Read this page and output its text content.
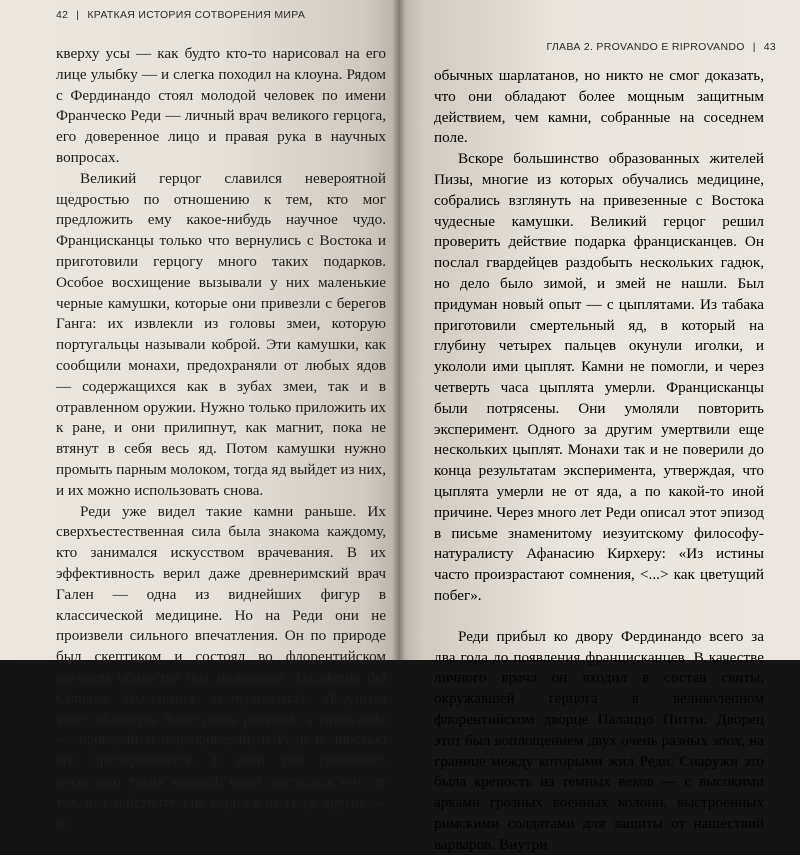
42 | КРАТКАЯ ИСТОРИЯ СОТВОРЕНИЯ МИРА

кверху усы — как будто кто-то нарисовал на его лице улыбку — и слегка походил на клоуна. Рядом с Фердинандо стоял молодой человек по имени Франческо Реди — личный врач великого герцога, его доверенное лицо и правая рука в научных вопросах.

Великий герцог славился невероятной щедростью по отношению к тем, кто мог предложить ему какое-нибудь научное чудо. Францисканцы только что вернулись с Востока и приготовили герцогу много таких подарков. Особое восхищение вызывали у них маленькие черные камушки, которые они привезли с берегов Ганга: их извлекли из головы змеи, которую португальцы называли коброй. Эти камушки, как сообщили монахи, предохраняли от любых ядов — содержащихся как в зубах змеи, так и в отравленном оружии. Нужно только приложить их к ране, и они прилипнут, как магнит, пока не втянут в себя весь яд. Потом камушки нужно промыть парным молоком, тогда яд выйдет из них, и их можно использовать снова.

Реди уже видел такие камни раньше. Их сверхъестественная сила была знакома каждому, кто занимался искусством врачевания. В их эффективность верил даже древнеримский врач Гален — одна из виднейших фигур в классической медицине. Но на Реди они не произвели сильного впечатления. Он по природе был скептиком и состоял во флорентийском научном обществе под названием Accademia del Cimento (Академия эксперимента). Лозунгом этого общества были слова provando e riprovando — проверяй и перепроверяй, и Реди полностью его придерживался. У него уже скопилось несколько таких камней: одни достались ему от тех, кто действительно верил в их силу, другие — от

ГЛАВА 2. PROVANDO E RIPROVANDO | 43

обычных шарлатанов, но никто не смог доказать, что они обладают более мощным защитным действием, чем камни, собранные на соседнем поле.

Вскоре большинство образованных жителей Пизы, многие из которых обучались медицине, собрались взглянуть на привезенные с Востока чудесные камушки. Великий герцог решил проверить действие подарка францисканцев. Он послал гвардейцев раздобыть нескольких гадюк, но дело было зимой, и змей не нашли. Был придуман новый опыт — с цыплятами. Из табака приготовили смертельный яд, в который на глубину четырех пальцев окунули иголки, и укололи ими цыплят. Камни не помогли, и через четверть часа цыплята умерли. Францисканцы были потрясены. Они умоляли повторить эксперимент. Одного за другим умертвили еще нескольких цыплят. Монахи так и не поверили до конца результатам эксперимента, утверждая, что цыплята умерли не от яда, а по какой-то иной причине. Через много лет Реди описал этот эпизод в письме знаменитому иезуитскому философу-натуралисту Афанасию Кирхеру: «Из истины часто произрастают сомнения, <...> как цветущий побег».

Реди прибыл ко двору Фердинандо всего за два года до появления францисканцев. В качестве личного врача он входил в состав свиты, окружавшей герцога в великолепном флорентийском дворце Палаццо Питти. Дворец этот был воплощением двух очень разных эпох, на границе между которыми жил Реди. Снаружи это была крепость из темных веков — с высокими арками грозных военных колонн, выстроенных римскими солдатами для защиты от нашествий варваров. Внутри
